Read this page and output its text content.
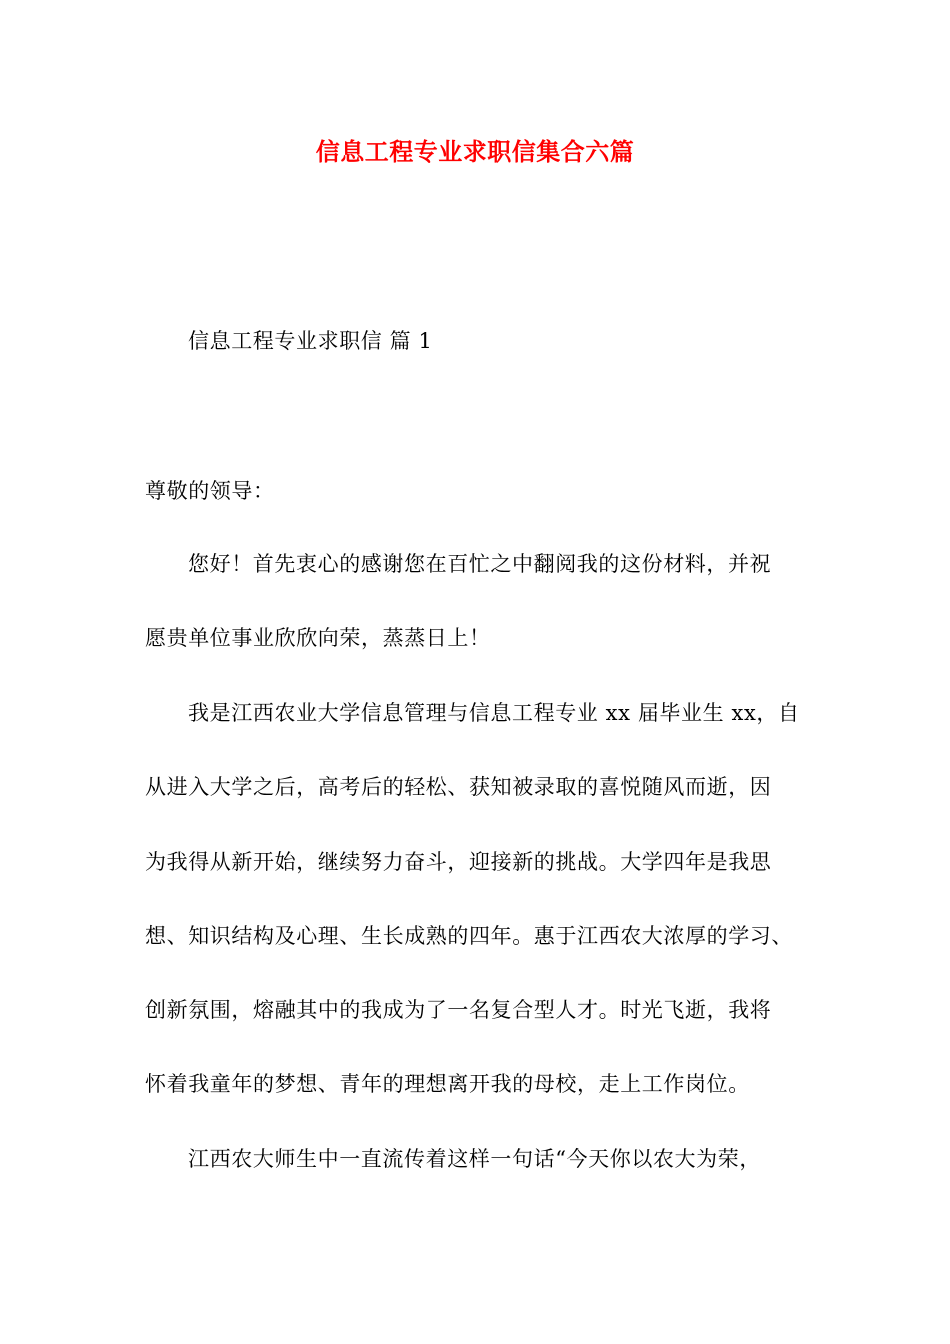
信息工程专业求职信集合六篇
信息工程专业求职信 篇 1
尊敬的领导：
您好！首先衷心的感谢您在百忙之中翻阅我的这份材料，并祝
愿贵单位事业欣欣向荣，蒸蒸日上！
我是江西农业大学信息管理与信息工程专业 xx 届毕业生 xx，自
从进入大学之后，高考后的轻松、获知被录取的喜悦随风而逝，因
为我得从新开始，继续努力奋斗，迎接新的挑战。大学四年是我思
想、知识结构及心理、生长成熟的四年。惠于江西农大浓厚的学习、
创新氛围，熔融其中的我成为了一名复合型人才。时光飞逝，我将
怀着我童年的梦想、青年的理想离开我的母校，走上工作岗位。
江西农大师生中一直流传着这样一句话“今天你以农大为荣，
